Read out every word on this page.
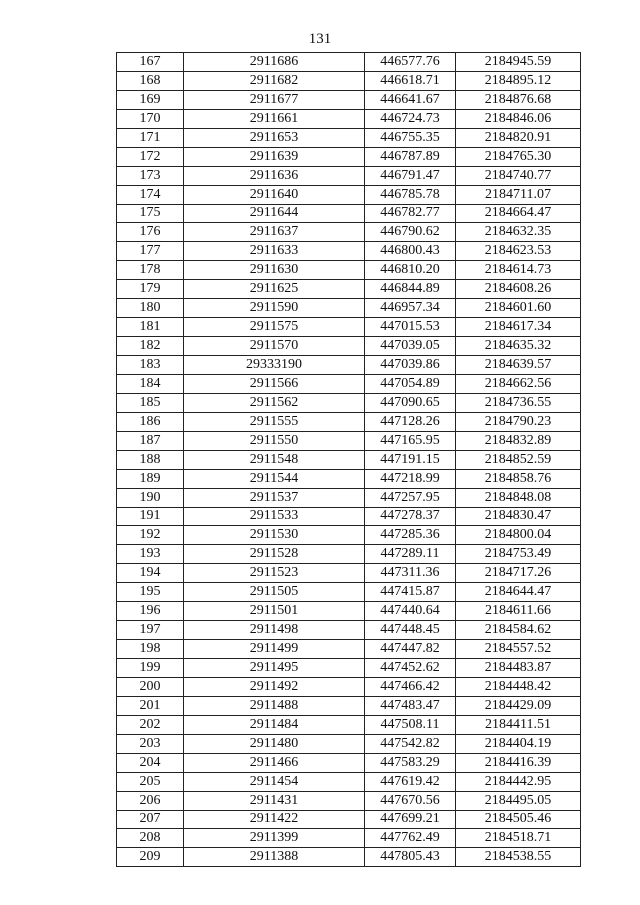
131
167	2911686	446577.76	2184945.59
168	2911682	446618.71	2184895.12
169	2911677	446641.67	2184876.68
170	2911661	446724.73	2184846.06
171	2911653	446755.35	2184820.91
172	2911639	446787.89	2184765.30
173	2911636	446791.47	2184740.77
174	2911640	446785.78	2184711.07
175	2911644	446782.77	2184664.47
176	2911637	446790.62	2184632.35
177	2911633	446800.43	2184623.53
178	2911630	446810.20	2184614.73
179	2911625	446844.89	2184608.26
180	2911590	446957.34	2184601.60
181	2911575	447015.53	2184617.34
182	2911570	447039.05	2184635.32
183	29333190	447039.86	2184639.57
184	2911566	447054.89	2184662.56
185	2911562	447090.65	2184736.55
186	2911555	447128.26	2184790.23
187	2911550	447165.95	2184832.89
188	2911548	447191.15	2184852.59
189	2911544	447218.99	2184858.76
190	2911537	447257.95	2184848.08
191	2911533	447278.37	2184830.47
192	2911530	447285.36	2184800.04
193	2911528	447289.11	2184753.49
194	2911523	447311.36	2184717.26
195	2911505	447415.87	2184644.47
196	2911501	447440.64	2184611.66
197	2911498	447448.45	2184584.62
198	2911499	447447.82	2184557.52
199	2911495	447452.62	2184483.87
200	2911492	447466.42	2184448.42
201	2911488	447483.47	2184429.09
202	2911484	447508.11	2184411.51
203	2911480	447542.82	2184404.19
204	2911466	447583.29	2184416.39
205	2911454	447619.42	2184442.95
206	2911431	447670.56	2184495.05
207	2911422	447699.21	2184505.46
208	2911399	447762.49	2184518.71
209	2911388	447805.43	2184538.55
